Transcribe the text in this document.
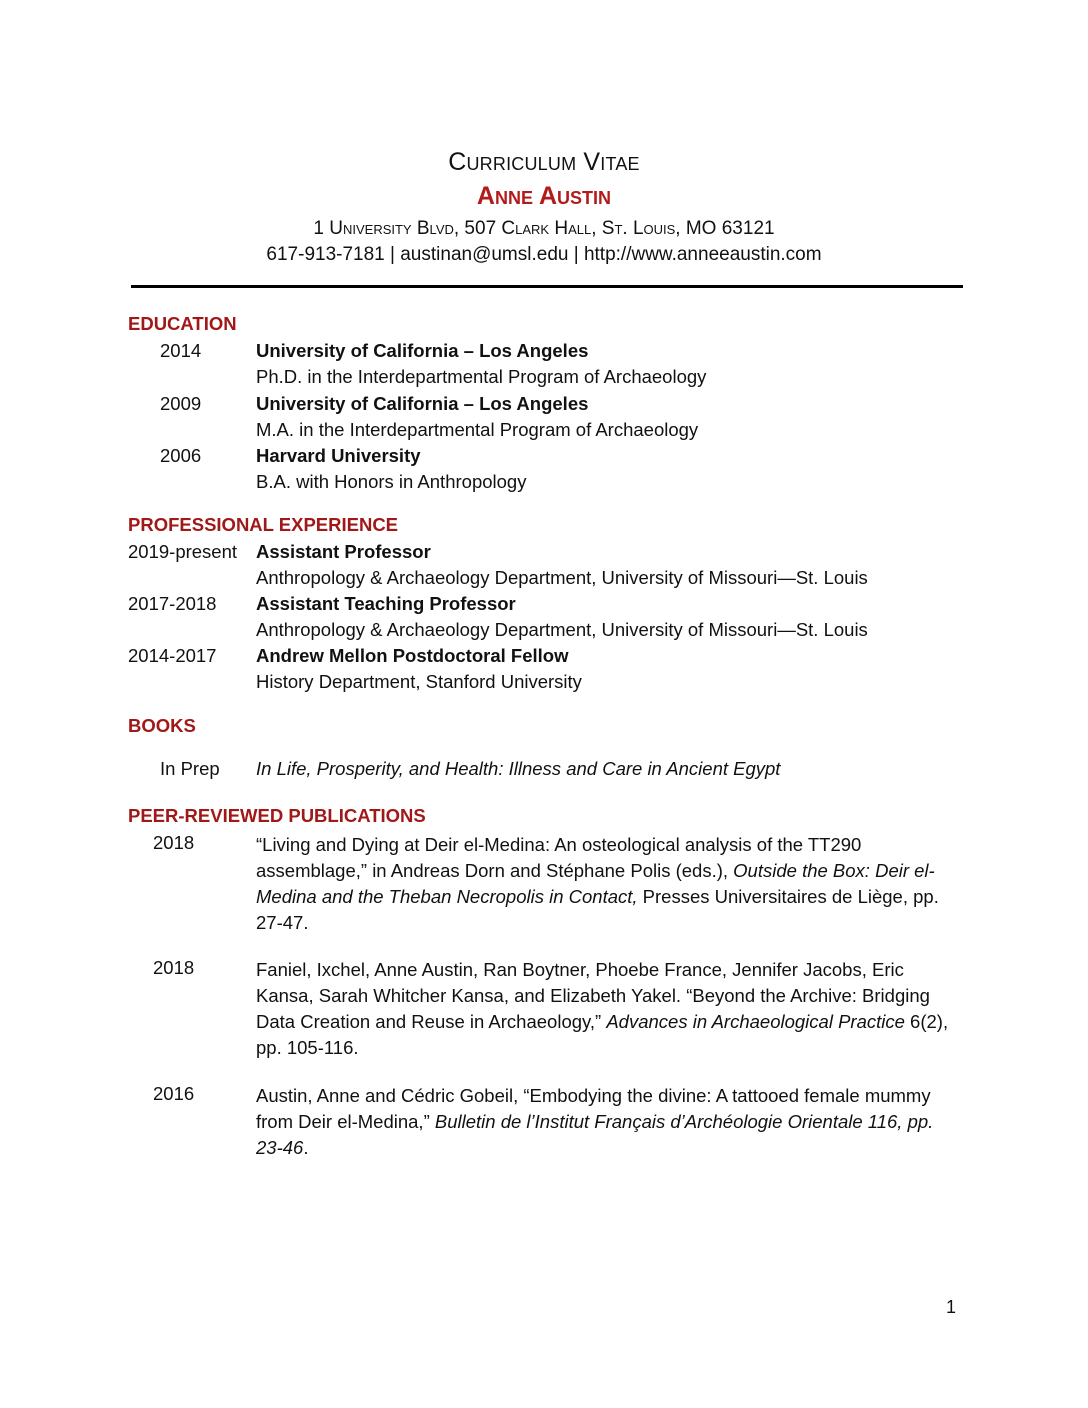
Curriculum Vitae
Anne Austin
1 University Blvd, 507 Clark Hall, St. Louis, MO 63121
617-913-7181 | austinan@umsl.edu | http://www.anneeaustin.com
EDUCATION
2014	University of California – Los Angeles
Ph.D. in the Interdepartmental Program of Archaeology
2009	University of California – Los Angeles
M.A. in the Interdepartmental Program of Archaeology
2006	Harvard University
B.A. with Honors in Anthropology
PROFESSIONAL EXPERIENCE
2019-present Assistant Professor
Anthropology & Archaeology Department, University of Missouri—St. Louis
2017-2018 Assistant Teaching Professor
Anthropology & Archaeology Department, University of Missouri—St. Louis
2014-2017 Andrew Mellon Postdoctoral Fellow
History Department, Stanford University
BOOKS
In Prep In Life, Prosperity, and Health: Illness and Care in Ancient Egypt
PEER-REVIEWED PUBLICATIONS
2018	“Living and Dying at Deir el-Medina: An osteological analysis of the TT290 assemblage,” in Andreas Dorn and Stéphane Polis (eds.), Outside the Box: Deir el-Medina and the Theban Necropolis in Contact, Presses Universitaires de Liège, pp. 27-47.
2018	Faniel, Ixchel, Anne Austin, Ran Boytner, Phoebe France, Jennifer Jacobs, Eric Kansa, Sarah Whitcher Kansa, and Elizabeth Yakel. “Beyond the Archive: Bridging Data Creation and Reuse in Archaeology,” Advances in Archaeological Practice 6(2), pp. 105-116.
2016	Austin, Anne and Cédric Gobeil, “Embodying the divine: A tattooed female mummy from Deir el-Medina,” Bulletin de l’Institut Français d’Archéologie Orientale 116, pp. 23-46.
1
